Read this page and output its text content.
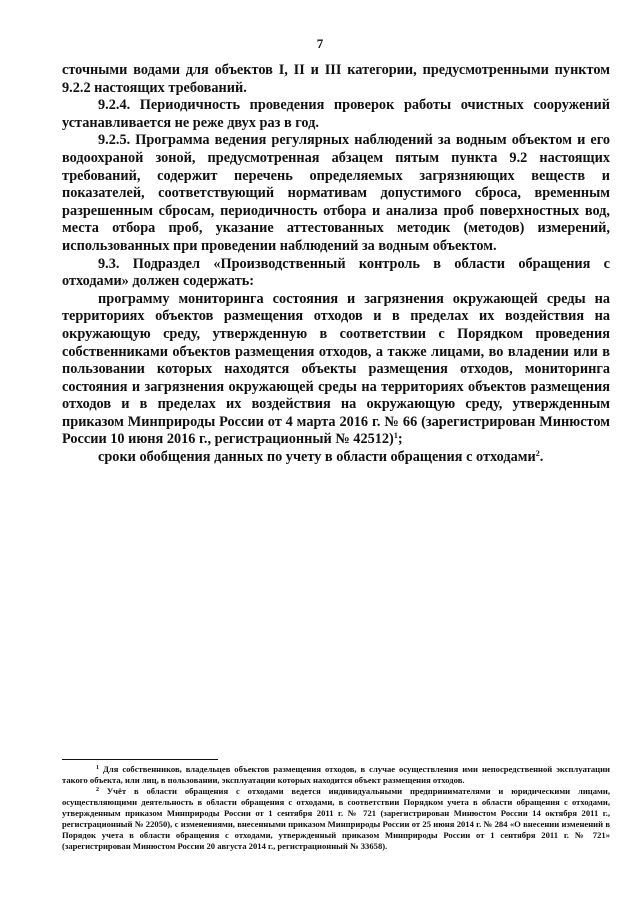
7

сточными водами для объектов I, II и III категории, предусмотренными пунктом 9.2.2 настоящих требований.

9.2.4. Периодичность проведения проверок работы очистных сооружений устанавливается не реже двух раз в год.

9.2.5. Программа ведения регулярных наблюдений за водным объектом и его водоохраной зоной, предусмотренная абзацем пятым пункта 9.2 настоящих требований, содержит перечень определяемых загрязняющих веществ и показателей, соответствующий нормативам допустимого сброса, временным разрешенным сбросам, периодичность отбора и анализа проб поверхностных вод, места отбора проб, указание аттестованных методик (методов) измерений, использованных при проведении наблюдений за водным объектом.

9.3. Подраздел «Производственный контроль в области обращения с отходами» должен содержать:

программу мониторинга состояния и загрязнения окружающей среды на территориях объектов размещения отходов и в пределах их воздействия на окружающую среду, утвержденную в соответствии с Порядком проведения собственниками объектов размещения отходов, а также лицами, во владении или в пользовании которых находятся объекты размещения отходов, мониторинга состояния и загрязнения окружающей среды на территориях объектов размещения отходов и в пределах их воздействия на окружающую среду, утвержденным приказом Минприроды России от 4 марта 2016 г. № 66 (зарегистрирован Минюстом России 10 июня 2016 г., регистрационный № 42512)$^1$;

сроки обобщения данных по учету в области обращения с отходами$^2$.

$^1$ Для собственников, владельцев объектов размещения отходов, в случае осуществления ими непосредственной эксплуатации такого объекта, или лиц, в пользовании, эксплуатации которых находится объект размещения отходов.

$^2$ Учёт в области обращения с отходами ведется индивидуальными предпринимателями и юридическими лицами, осуществляющими деятельность в области обращения с отходами, в соответствии Порядком учета в области обращения с отходами, утвержденным приказом Минприроды России от 1 сентября 2011 г. № 721 (зарегистрирован Минюстом России 14 октября 2011 г., регистрационный № 22050), с изменениями, внесенными приказом Минприроды России от 25 июня 2014 г. № 284 «О внесении изменений в Порядок учета в области обращения с отходами, утвержденный приказом Минприроды России от 1 сентября 2011 г. № 721» (зарегистрирован Минюстом России 20 августа 2014 г., регистрационный № 33658).
